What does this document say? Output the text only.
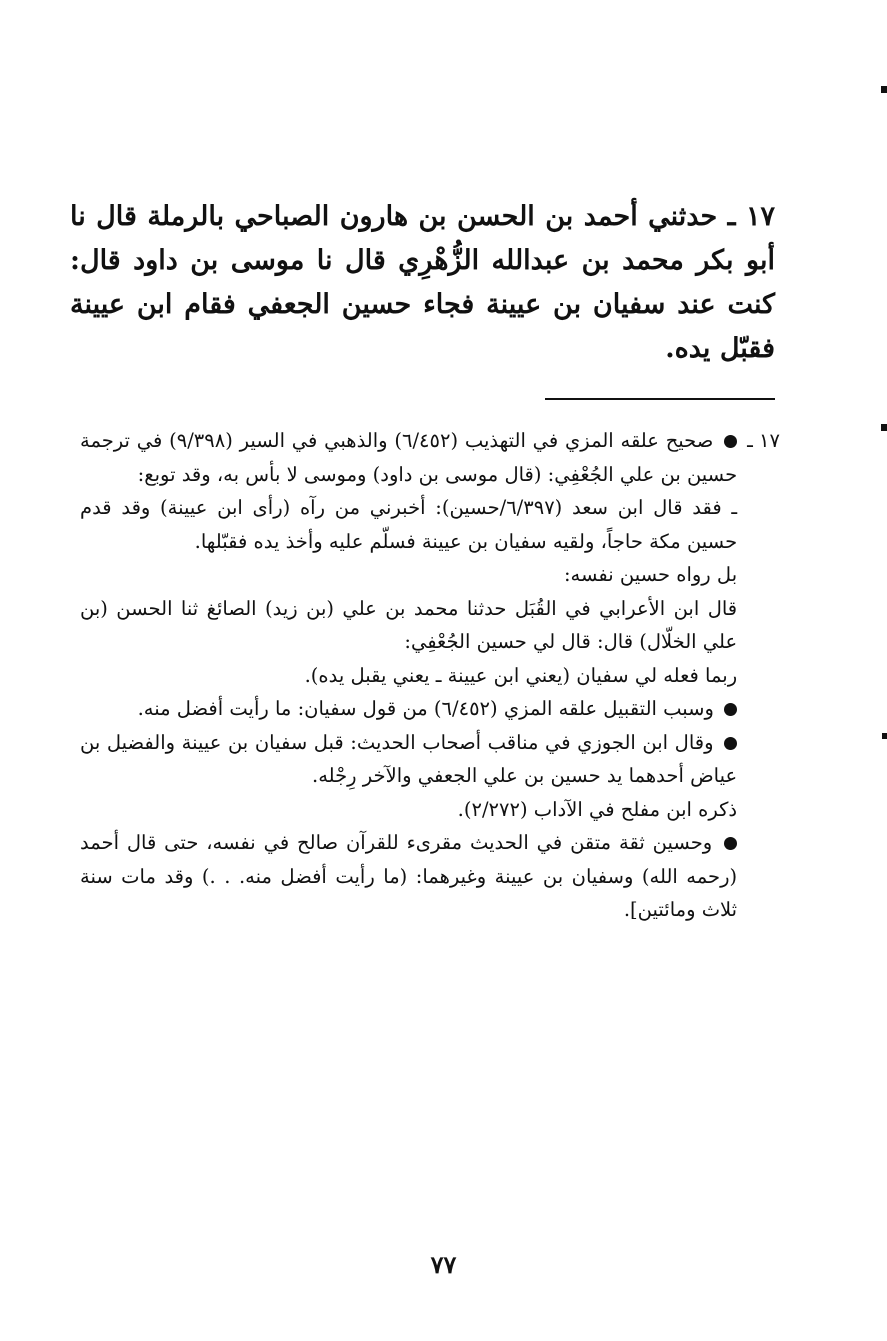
١٧ ـ حدثني أحمد بن الحسن بن هارون الصباحي بالرملة قال نا أبو بكر محمد بن عبدالله الزُّهْرِي قال نا موسى بن داود قال: كنت عند سفيان بن عيينة فجاء حسين الجعفي فقام ابن عيينة فقبّل يده.
١٧ ـ

صحيح علقه المزي في التهذيب (٦/٤٥٢) والذهبي في السير (٩/٣٩٨) في ترجمة حسين بن علي الجُعْفِي: (قال موسى بن داود) وموسى لا بأس به، وقد توبع:

ـ فقد قال ابن سعد (٦/٣٩٧/حسين): أخبرني من رآه (رأى ابن عيينة) وقد قدم حسين مكة حاجاً، ولقيه سفيان بن عيينة فسلّم عليه وأخذ يده فقبّلها.

بل رواه حسين نفسه:

قال ابن الأعرابي في القُبَل حدثنا محمد بن علي (بن زيد) الصائغ ثنا الحسن (بن علي الخلّال) قال: قال لي حسين الجُعْفِي:

ربما فعله لي سفيان (يعني ابن عيينة ـ يعني يقبل يده).

وسبب التقبيل علقه المزي (٦/٤٥٢) من قول سفيان: ما رأيت أفضل منه.

وقال ابن الجوزي في مناقب أصحاب الحديث: قبل سفيان بن عيينة والفضيل بن عياض أحدهما يد حسين بن علي الجعفي والآخر رِجْله.

ذكره ابن مفلح في الآداب (٢/٢٧٢).

وحسين ثقة متقن في الحديث مقرىء للقرآن صالح في نفسه، حتى قال أحمد (رحمه الله) وسفيان بن عيينة وغيرهما: (ما رأيت أفضل منه. . .) وقد مات سنة ثلاث ومائتين].

٧٧
